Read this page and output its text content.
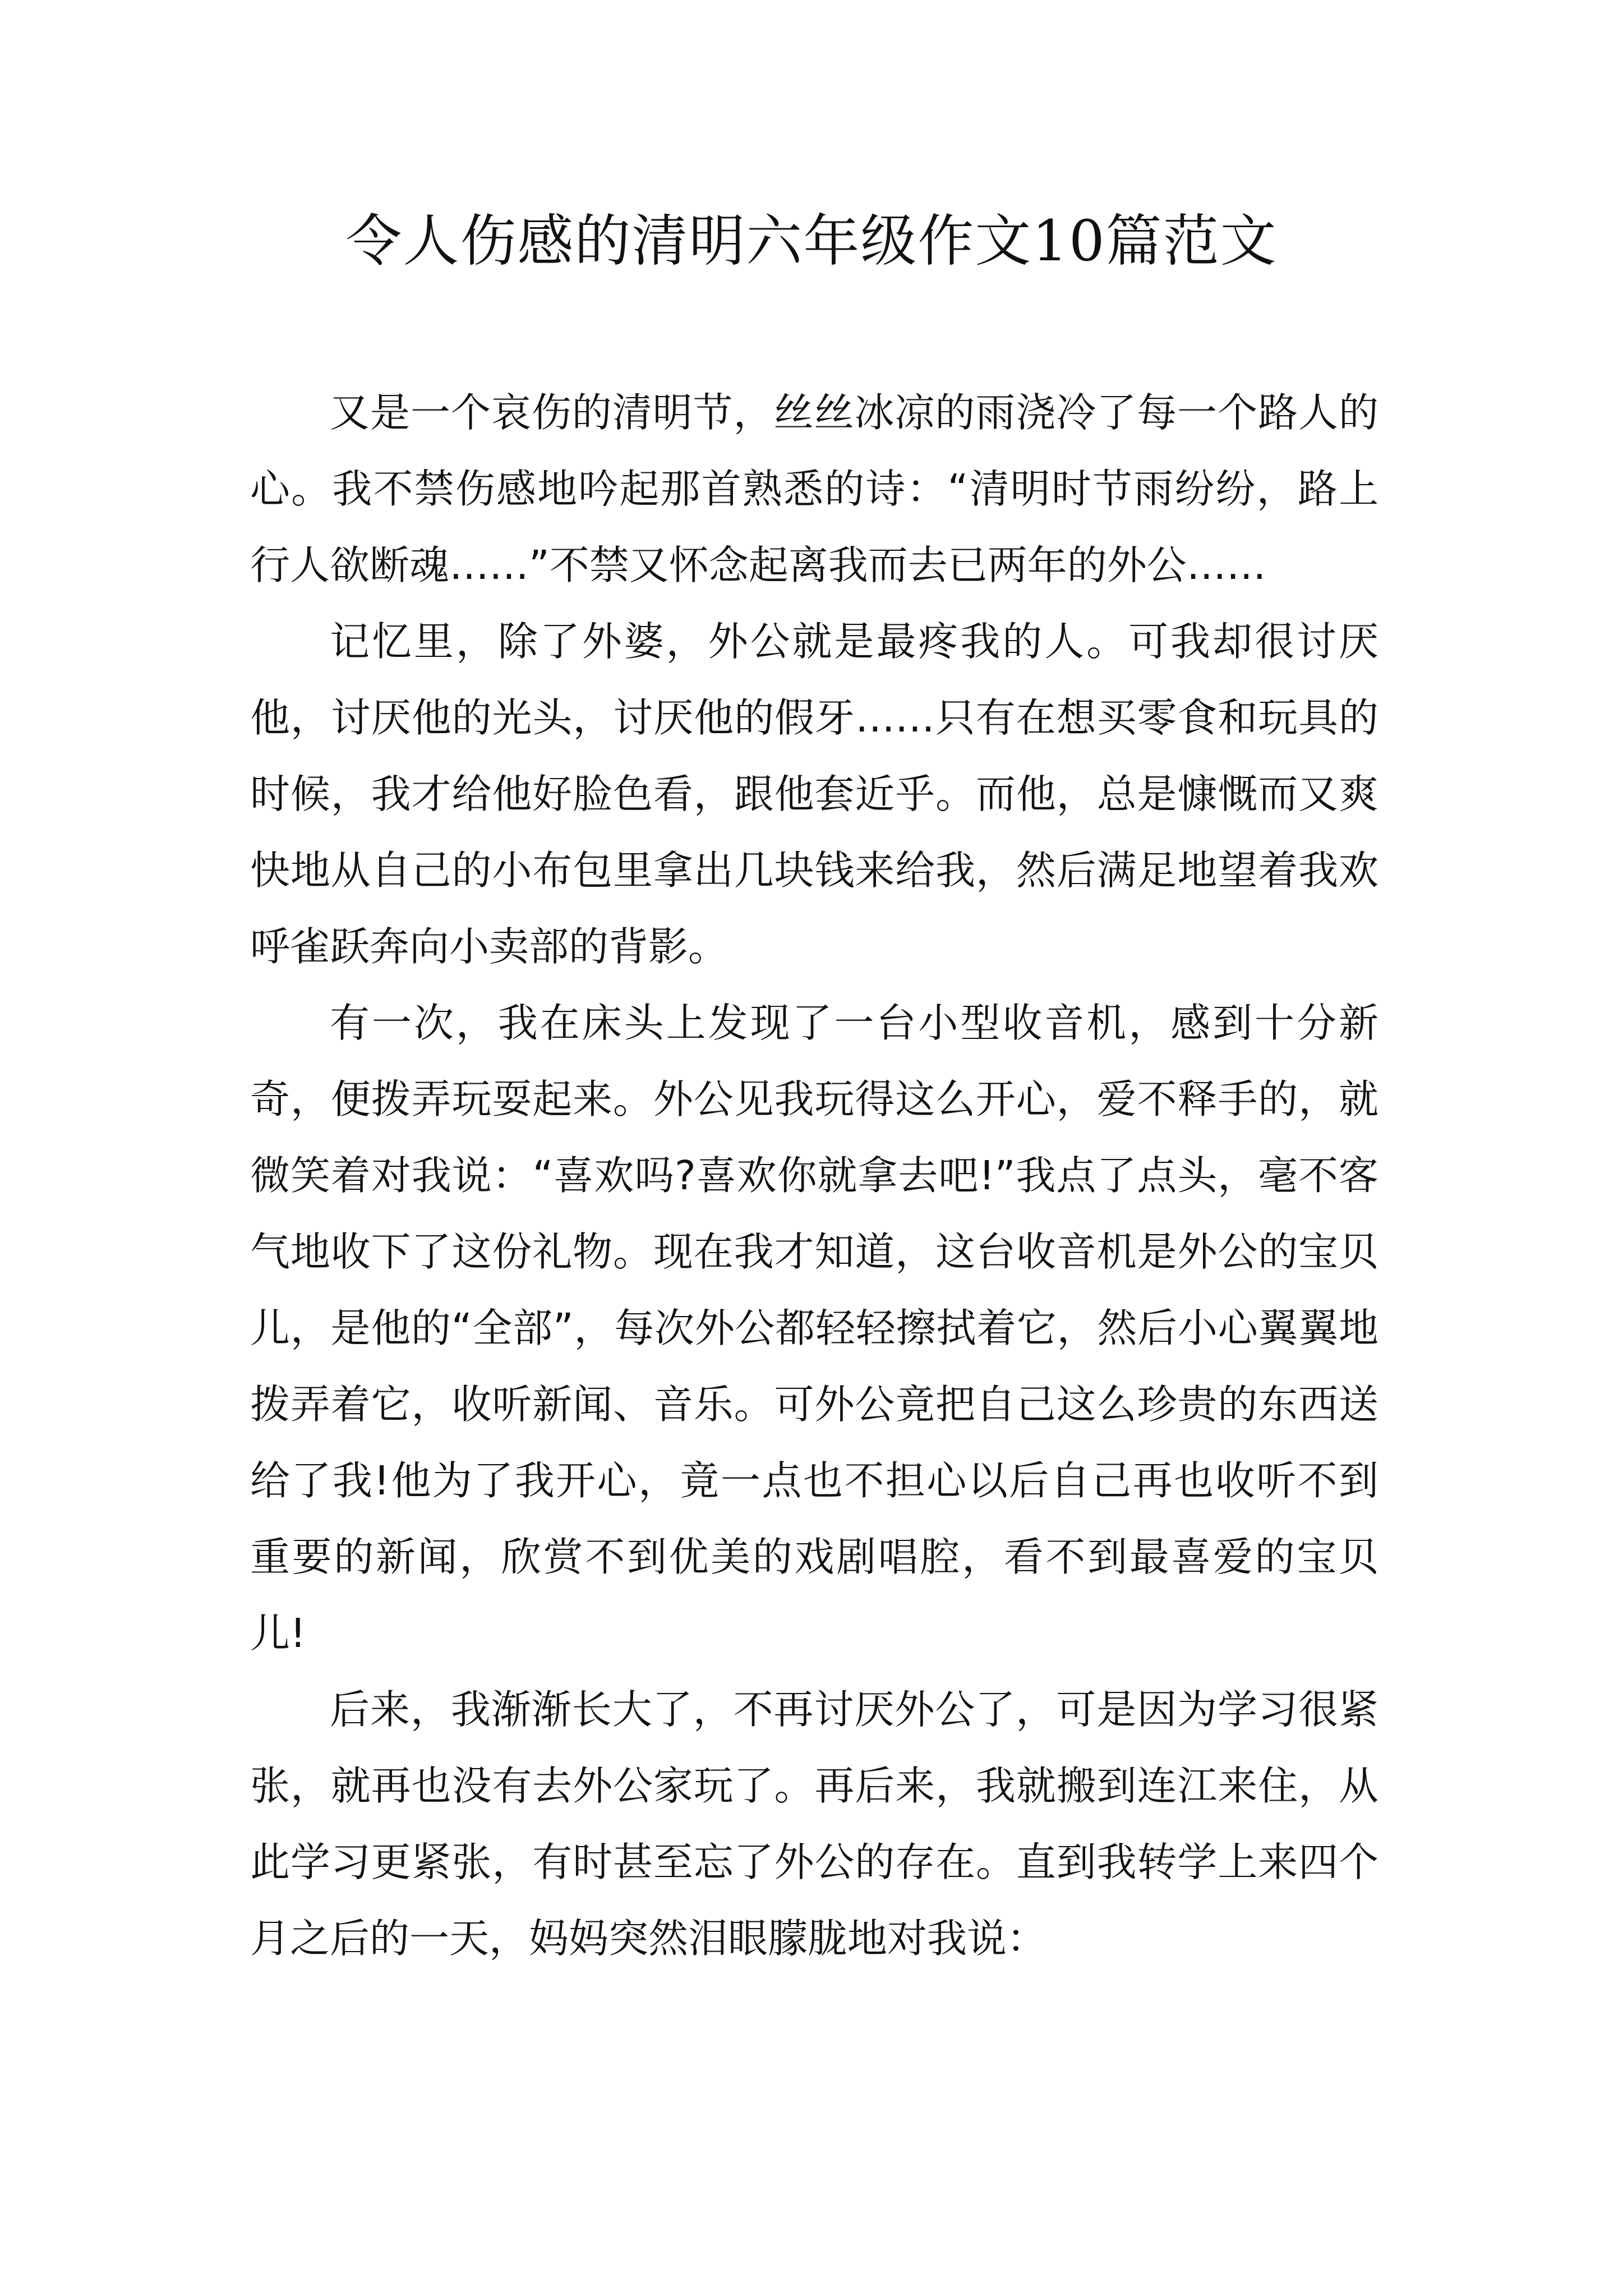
令人伤感的清明六年级作文10篇范文

又是一个哀伤的清明节，丝丝冰凉的雨浇冷了每一个路人的心。我不禁伤感地吟起那首熟悉的诗：“清明时节雨纷纷，路上行人欲断魂……”不禁又怀念起离我而去已两年的外公……

记忆里，除了外婆，外公就是最疼我的人。可我却很讨厌他，讨厌他的光头，讨厌他的假牙……只有在想买零食和玩具的时候，我才给他好脸色看，跟他套近乎。而他，总是慷慨而又爽快地从自己的小布包里拿出几块钱来给我，然后满足地望着我欢呼雀跃奔向小卖部的背影。

有一次，我在床头上发现了一台小型收音机，感到十分新奇，便拨弄玩耍起来。外公见我玩得这么开心，爱不释手的，就微笑着对我说：“喜欢吗?喜欢你就拿去吧!”我点了点头，毫不客气地收下了这份礼物。现在我才知道，这台收音机是外公的宝贝儿，是他的“全部”，每次外公都轻轻擦拭着它，然后小心翼翼地拨弄着它，收听新闻、音乐。可外公竟把自己这么珍贵的东西送给了我!他为了我开心，竟一点也不担心以后自己再也收听不到重要的新闻，欣赏不到优美的戏剧唱腔，看不到最喜爱的宝贝儿!

后来，我渐渐长大了，不再讨厌外公了，可是因为学习很紧张，就再也没有去外公家玩了。再后来，我就搬到连江来住，从此学习更紧张，有时甚至忘了外公的存在。直到我转学上来四个月之后的一天，妈妈突然泪眼朦胧地对我说：
